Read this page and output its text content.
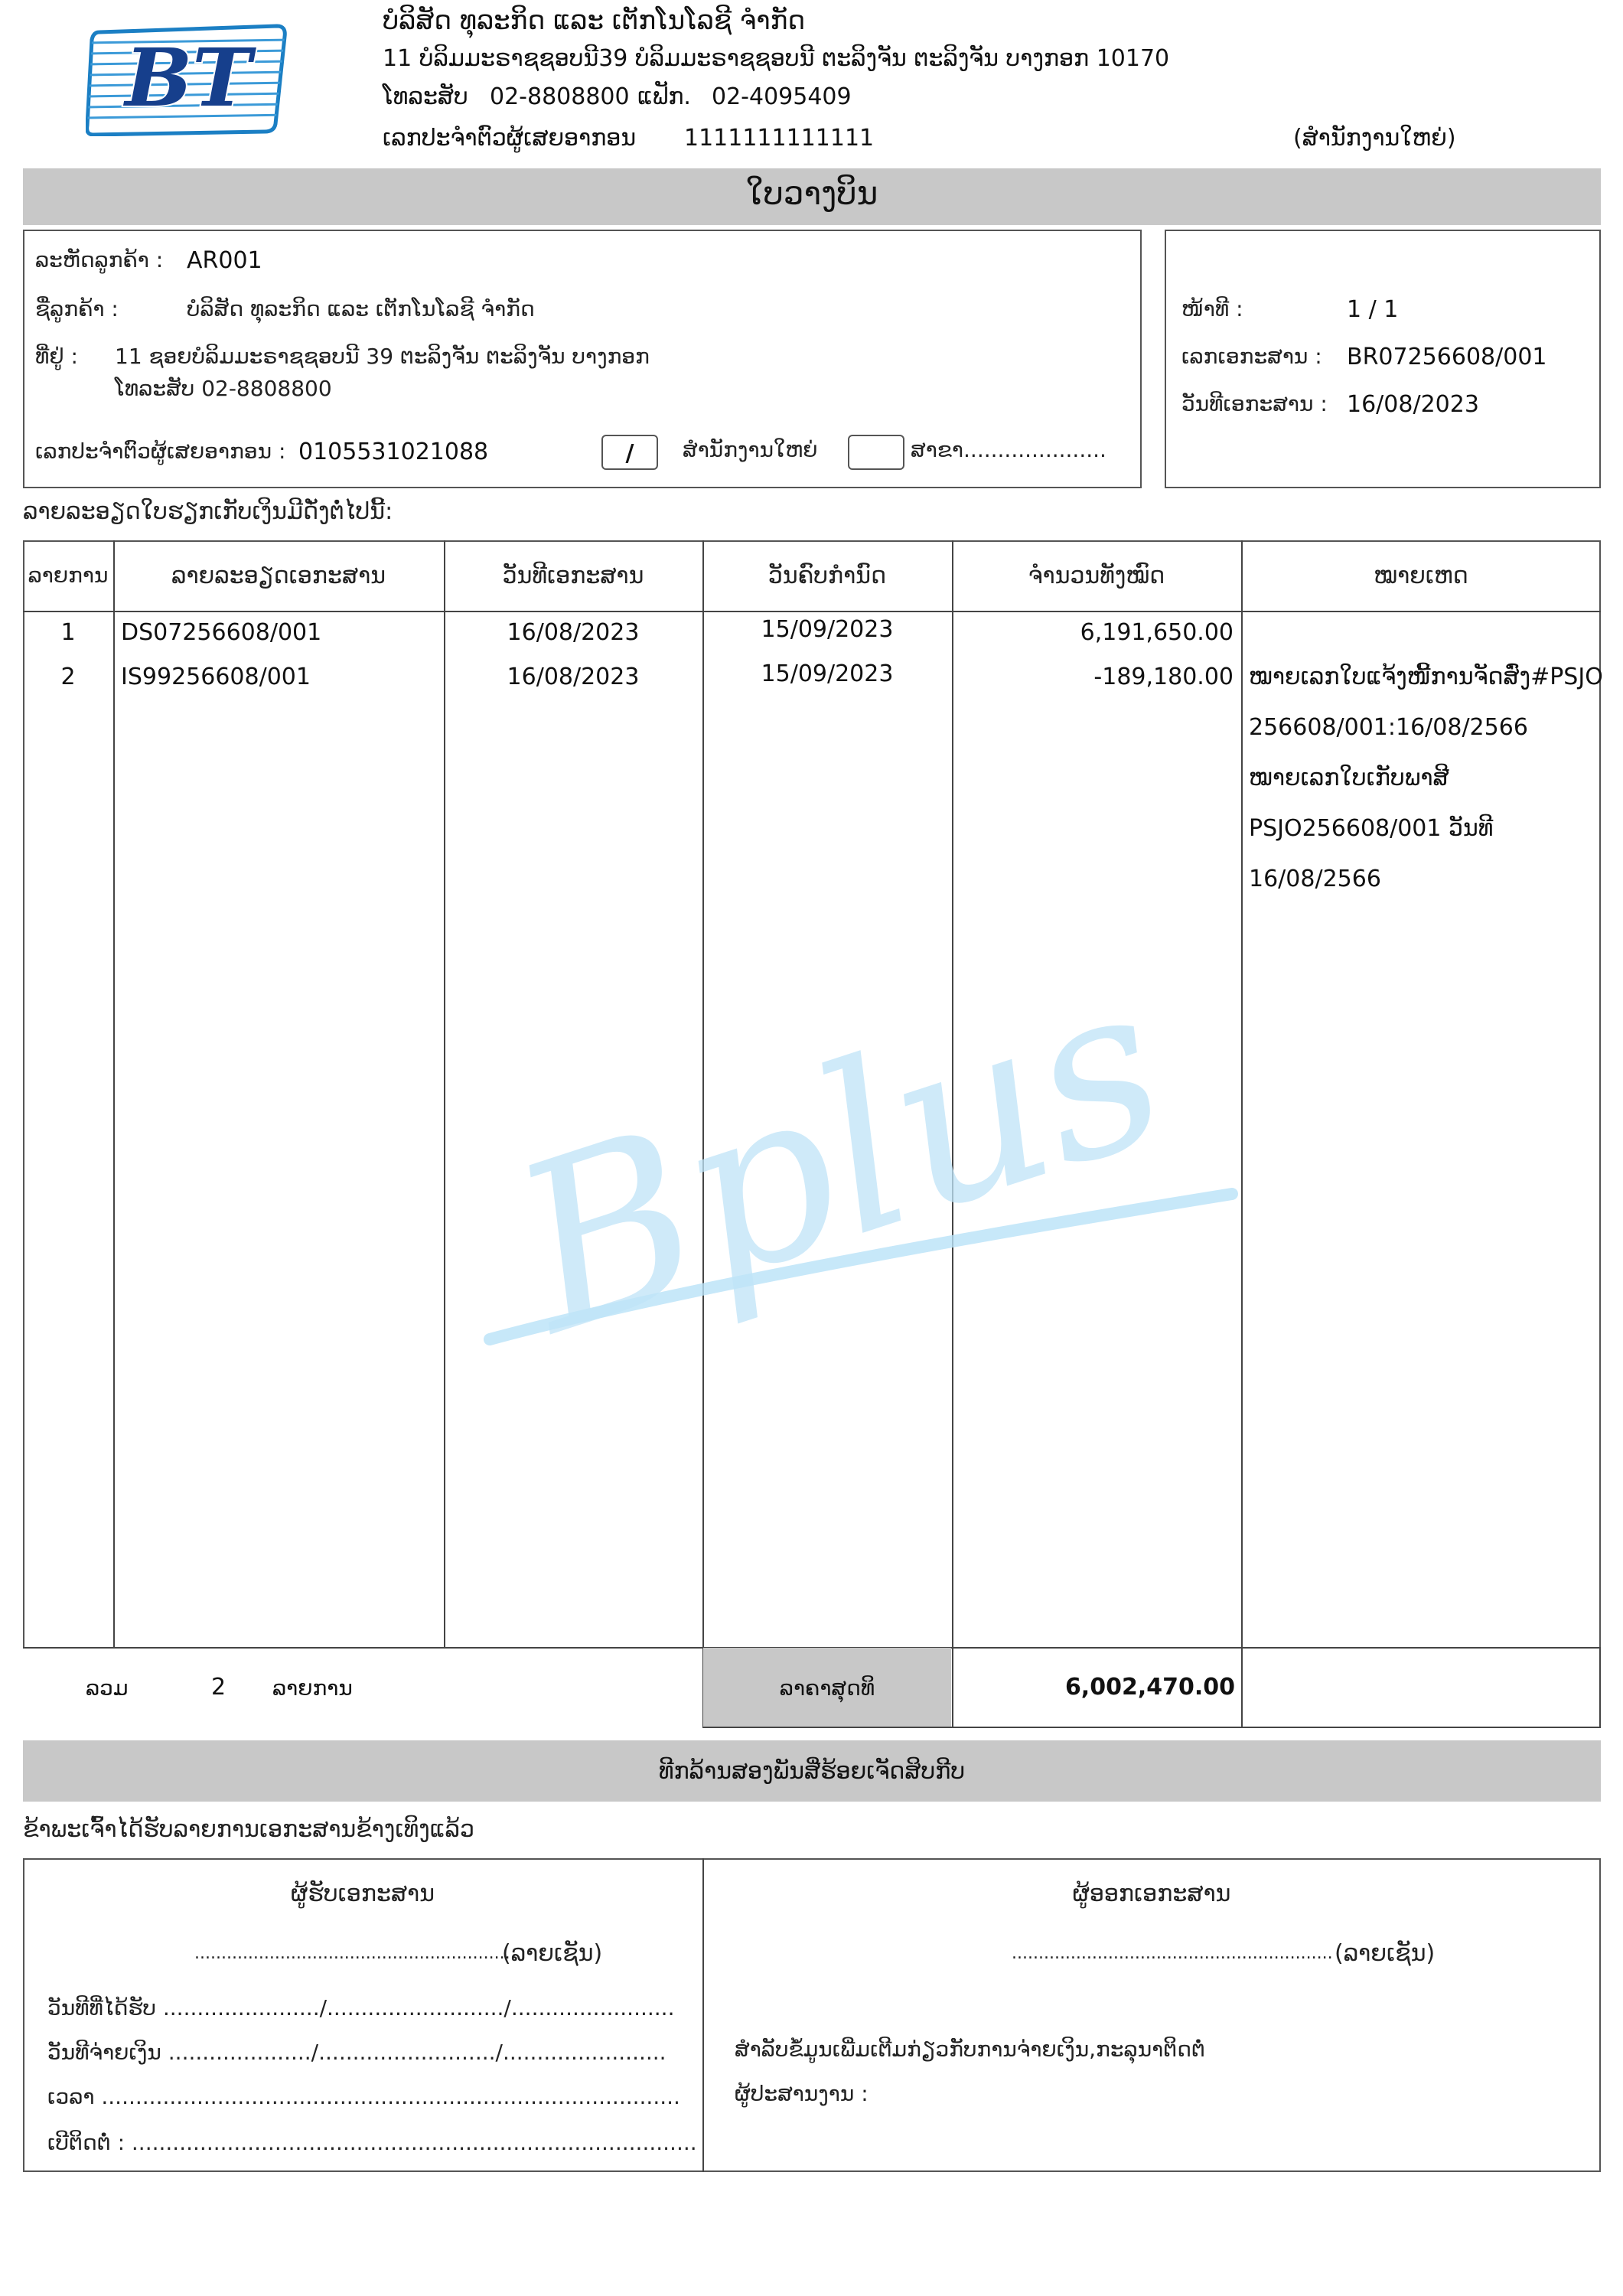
BT
ບໍລິສັດ ທຸລະກິດ ແລະ ເຕັກໂນໂລຊີ ຈຳກັດ
11 ບໍລິມມະຣາຊຊອບນີ39 ບໍລິມມະຣາຊຊອບນີ ຕະລິງຈັນ ຕະລິງຈັນ ບາງກອກ 10170
ໂທລະສັບ 02-8808800 ແຟັກ. 02-4095409
ເລກປະຈຳຕົວຜູ້ເສຍອາກອນ 1111111111111	(ສຳນັກງານໃຫຍ່)
ໃບວາງບິນ
ລະຫັດລູກຄ້າ : AR001
ຊື່ລູກຄ້າ :	ບໍລິສັດ ທຸລະກິດ ແລະ ເຕັກໂນໂລຊີ ຈຳກັດ
ທີ່ຢູ່ : 11 ຊອຍບໍລິມມະຣາຊຊອບນີ 39 ຕະລິງຈັນ ຕະລິງຈັນ ບາງກອກ
ໂທລະສັບ 02-8808800
ເລກປະຈຳຕົວຜູ້ເສຍອາກອນ : 0105531021088	/	ສຳນັກງານໃຫຍ່	ສາຂາ.....................
ໜ້າທີ :	1 / 1
ເລກເອກະສານ : BR07256608/001
ວັນທີເອກະສານ : 16/08/2023
ລາຍລະອຽດໃບຮຽກເກັບເງິນມີດັ່ງຕໍ່ໄປນີ້:
ລາຍການ	ລາຍລະອຽດເອກະສານ	ວັນທີເອກະສານ	ວັນຄົບກຳນົດ	ຈຳນວນທັງໝົດ	ໝາຍເຫດ
1	DS07256608/001	16/08/2023	15/09/2023	6,191,650.00
2	IS99256608/001	16/08/2023	15/09/2023	-189,180.00 ໝາຍເລກໃບແຈ້ງໜີ້ການຈັດສົ່ງ#PSJO
256608/001:16/08/2566
ໝາຍເລກໃບເກັບພາສີ
PSJO256608/001 ວັນທີ
16/08/2566
Bplus
ລວມ	2 ລາຍການ	ລາຄາສຸດທິ	6,002,470.00
ທີກລ້ານສອງພັນສີ່ຮ້ອຍເຈັດສິບກີບ
ຂ້າພະເຈົ້າໄດ້ຮັບລາຍການເອກະສານຂ້າງເທິງແລ້ວ
ຜູ້ຮັບເອກະສານ
............................................................
(ລາຍເຊັນ)
ວັນທີທີ່ໄດ້ຮັບ ......................./........................../........................
ວັນທີຈ່າຍເງິນ ...................../........................../........................
ເວລາ .....................................................................................
ເບີຕິດຕໍ່ : ...................................................................................
ຜູ້ອອກເອກະສານ
............................................................ (ລາຍເຊັນ)
ສຳລັບຂໍ້ມູນເພີ່ມເຕີມກ່ຽວກັບການຈ່າຍເງິນ,ກະລຸນາຕິດຕໍ່
ຜູ້ປະສານງານ :
